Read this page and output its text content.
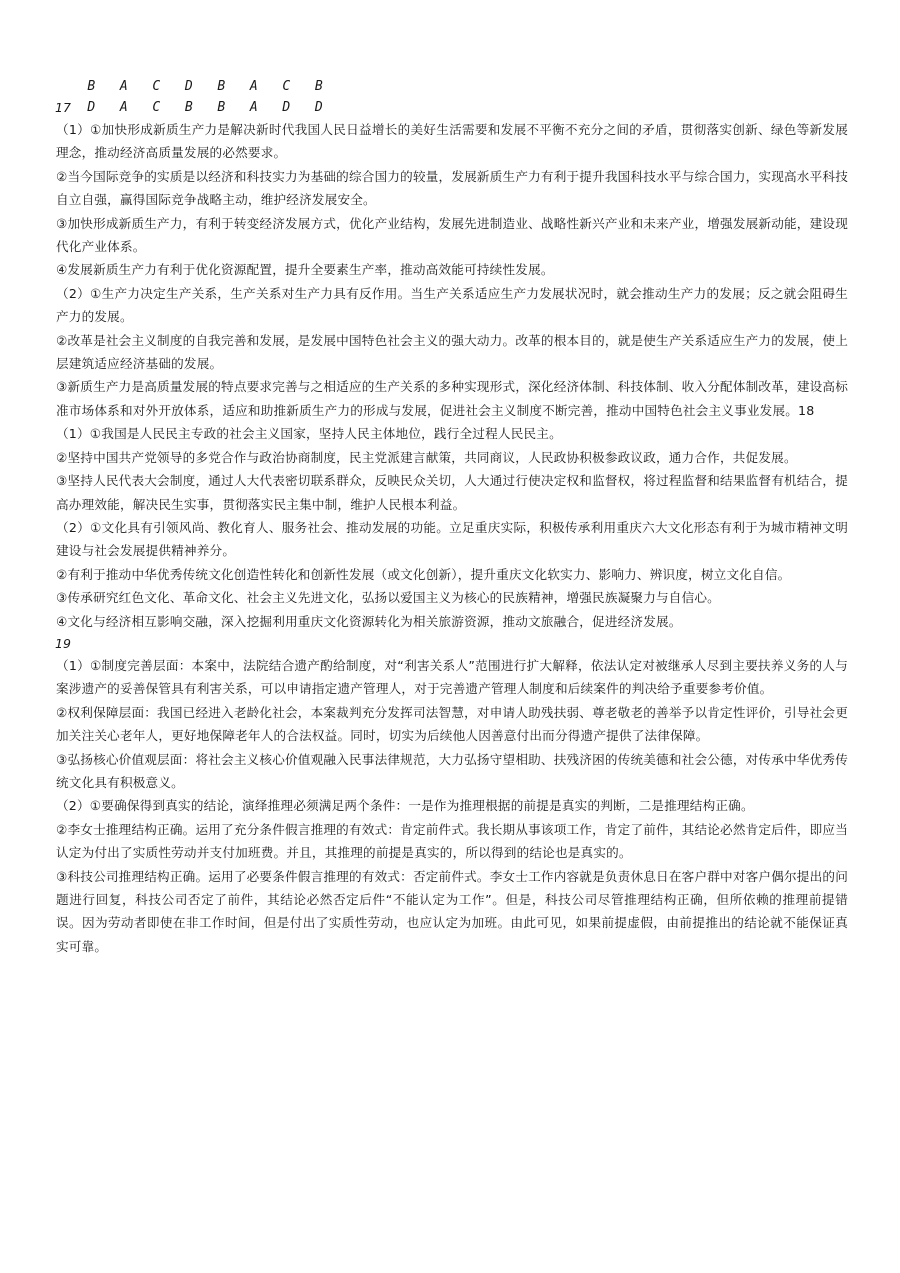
B A C D B A C B

D A C B B A D D

17

（1）①加快形成新质生产力是解决新时代我国人民日益增长的美好生活需要和发展不平衡不充分之间的矛盾，贯彻落实创新、绿色等新发展理念，推动经济高质量发展的必然要求。

②当今国际竞争的实质是以经济和科技实力为基础的综合国力的较量，发展新质生产力有利于提升我国科技水平与综合国力，实现高水平科技自立自强，赢得国际竞争战略主动，维护经济发展安全。

③加快形成新质生产力，有利于转变经济发展方式，优化产业结构，发展先进制造业、战略性新兴产业和未来产业，增强发展新动能，建设现代化产业体系。

④发展新质生产力有利于优化资源配置，提升全要素生产率，推动高效能可持续性发展。

（2）①生产力决定生产关系，生产关系对生产力具有反作用。当生产关系适应生产力发展状况时，就会推动生产力的发展；反之就会阻碍生产力的发展。

②改革是社会主义制度的自我完善和发展，是发展中国特色社会主义的强大动力。改革的根本目的，就是使生产关系适应生产力的发展，使上层建筑适应经济基础的发展。

③新质生产力是高质量发展的特点要求完善与之相适应的生产关系的多种实现形式，深化经济体制、科技体制、收入分配体制改革，建设高标准市场体系和对外开放体系，适应和助推新质生产力的形成与发展，促进社会主义制度不断完善，推动中国特色社会主义事业发展。18

（1）①我国是人民民主专政的社会主义国家，坚持人民主体地位，践行全过程人民民主。

②坚持中国共产党领导的多党合作与政治协商制度，民主党派建言献策，共同商议，人民政协积极参政议政，通力合作，共促发展。

③坚持人民代表大会制度，通过人大代表密切联系群众，反映民众关切，人大通过行使决定权和监督权，将过程监督和结果监督有机结合，提高办理效能，解决民生实事，贯彻落实民主集中制，维护人民根本利益。

（2）①文化具有引领风尚、教化育人、服务社会、推动发展的功能。立足重庆实际，积极传承利用重庆六大文化形态有利于为城市精神文明建设与社会发展提供精神养分。

②有利于推动中华优秀传统文化创造性转化和创新性发展（或文化创新），提升重庆文化软实力、影响力、辨识度，树立文化自信。

③传承研究红色文化、革命文化、社会主义先进文化，弘扬以爱国主义为核心的民族精神，增强民族凝聚力与自信心。

④文化与经济相互影响交融，深入挖掘利用重庆文化资源转化为相关旅游资源，推动文旅融合，促进经济发展。

19

（1）①制度完善层面：本案中，法院结合遗产酌给制度，对“利害关系人”范围进行扩大解释，依法认定对被继承人尽到主要扶养义务的人与案涉遗产的妥善保管具有利害关系，可以申请指定遗产管理人，对于完善遗产管理人制度和后续案件的判决给予重要参考价值。

②权利保障层面：我国已经进入老龄化社会，本案裁判充分发挥司法智慧，对申请人助残扶弱、尊老敬老的善举予以肯定性评价，引导社会更加关注关心老年人，更好地保障老年人的合法权益。同时，切实为后续他人因善意付出而分得遗产提供了法律保障。

③弘扬核心价值观层面：将社会主义核心价值观融入民事法律规范，大力弘扬守望相助、扶残济困的传统美德和社会公德，对传承中华优秀传统文化具有积极意义。

（2）①要确保得到真实的结论，演绎推理必须满足两个条件：一是作为推理根据的前提是真实的判断，二是推理结构正确。

②李女士推理结构正确。运用了充分条件假言推理的有效式：肯定前件式。我长期从事该项工作，肯定了前件，其结论必然肯定后件，即应当认定为付出了实质性劳动并支付加班费。并且，其推理的前提是真实的，所以得到的结论也是真实的。

③科技公司推理结构正确。运用了必要条件假言推理的有效式：否定前件式。李女士工作内容就是负责休息日在客户群中对客户偶尔提出的问题进行回复，科技公司否定了前件，其结论必然否定后件“不能认定为工作”。但是，科技公司尽管推理结构正确，但所依赖的推理前提错误。因为劳动者即使在非工作时间，但是付出了实质性劳动，也应认定为加班。由此可见，如果前提虚假，由前提推出的结论就不能保证真实可靠。
